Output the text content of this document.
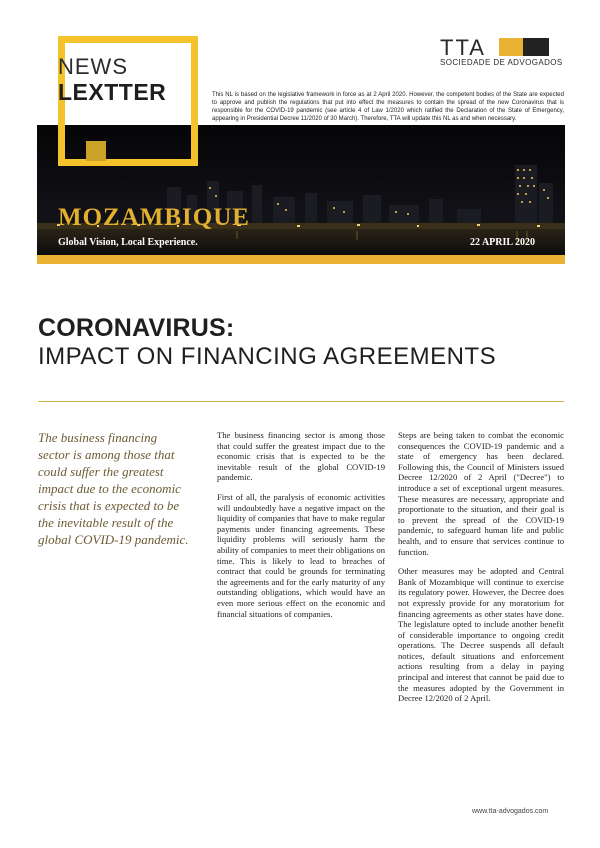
MOZAMBIQUE
Global Vision, Local Experience.	22 APRIL 2020
NEWS
LEXTTER
TTA
SOCIEDADE DE ADVOGADOS
This NL is based on the legislative framework in force as at 2 April 2020. However, the competent bodies of the State are expected to approve and publish the regulations that put into effect the measures to contain the spread of the new Coronavirus that is responsible for the COVID-19 pandemic (see article 4 of Law 1/2020 which ratified the Declaration of the State of Emergency, appearing in Presidential Decree 11/2020 of 30 March). Therefore, TTA will update this NL as and when necessary.
CORONAVIRUS:
IMPACT ON FINANCING AGREEMENTS
The business financing sector is among those that could suffer the greatest impact due to the economic crisis that is expected to be the inevitable result of the global COVID-19 pandemic.

The business financing sector is among those that could suffer the greatest impact due to the economic crisis that is expected to be the inevitable result of the global COVID-19 pandemic.

First of all, the paralysis of economic activities will undoubtedly have a negative impact on the liquidity of companies that have to make regular payments under financing agreements. These liquidity problems will seriously harm the ability of companies to meet their obligations on time. This is likely to lead to breaches of contract that could be grounds for terminating the agreements and for the early maturity of any outstanding obligations, which would have an even more serious effect on the economic and financial situations of companies.

Steps are being taken to combat the economic consequences the COVID-19 pandemic and a state of emergency has been declared. Following this, the Council of Ministers issued Decree 12/2020 of 2 April ("Decree") to introduce a set of exceptional urgent measures. These measures are necessary, appropriate and proportionate to the situation, and their goal is to prevent the spread of the COVID-19 pandemic, to safeguard human life and public health, and to ensure that services continue to function.

Other measures may be adopted and Central Bank of Mozambique will continue to exercise its regulatory power. However, the Decree does not expressly provide for any moratorium for financing agreements as other states have done. The legislature opted to include another benefit of considerable importance to ongoing credit operations. The Decree suspends all default notices, default situations and enforcement actions resulting from a delay in paying principal and interest that cannot be paid due to the measures adopted by the Government in Decree 12/2020 of 2 April.

www.tta-advogados.com
